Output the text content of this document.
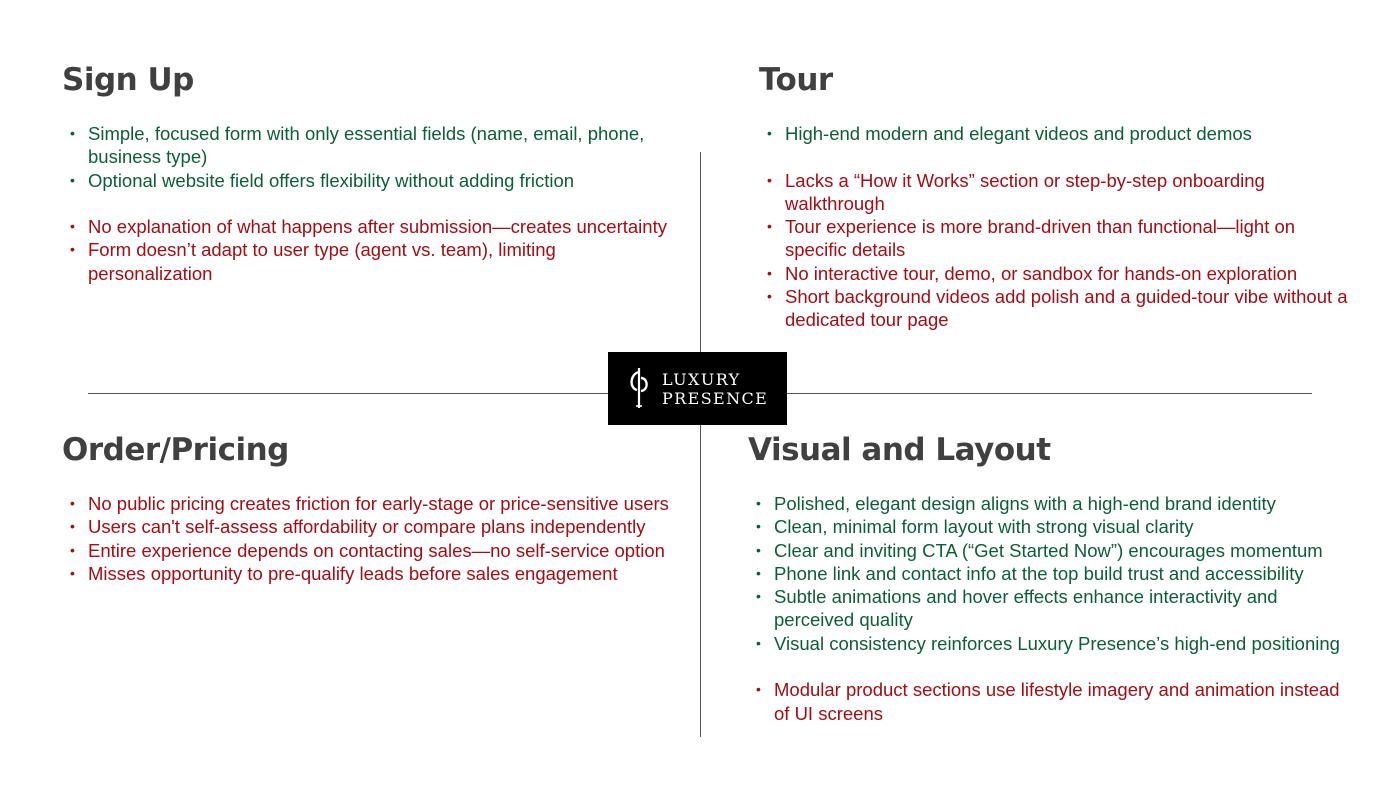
Sign Up
• Simple, focused form with only essential fields (name, email, phone, business type)
• Optional website field offers flexibility without adding friction
• No explanation of what happens after submission—creates uncertainty
• Form doesn’t adapt to user type (agent vs. team), limiting personalization
Tour
• High-end modern and elegant videos and product demos
• Lacks a “How it Works” section or step-by-step onboarding walkthrough
• Tour experience is more brand-driven than functional—light on specific details
• No interactive tour, demo, or sandbox for hands-on exploration
• Short background videos add polish and a guided-tour vibe without a dedicated tour page
Order/Pricing
• No public pricing creates friction for early-stage or price-sensitive users
• Users can't self-assess affordability or compare plans independently
• Entire experience depends on contacting sales—no self-service option
• Misses opportunity to pre-qualify leads before sales engagement
Visual and Layout
• Polished, elegant design aligns with a high-end brand identity
• Clean, minimal form layout with strong visual clarity
• Clear and inviting CTA (“Get Started Now”) encourages momentum
• Phone link and contact info at the top build trust and accessibility
• Subtle animations and hover effects enhance interactivity and perceived quality
• Visual consistency reinforces Luxury Presence’s high-end positioning
• Modular product sections use lifestyle imagery and animation instead of UI screens
LUXURY
PRESENCE
